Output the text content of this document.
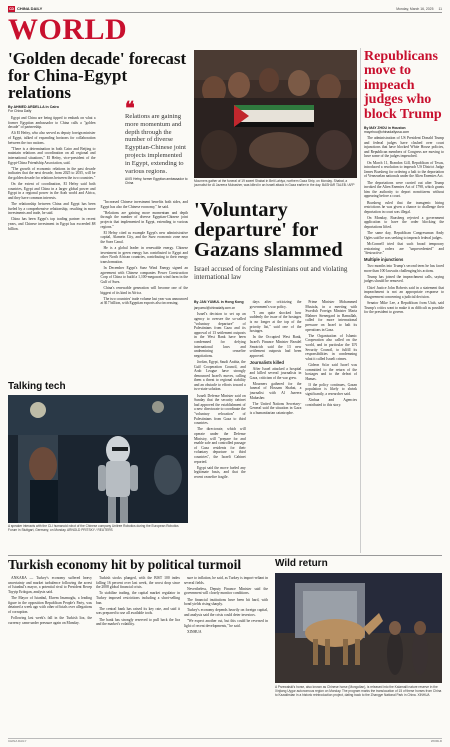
CD CHINA DAILY	Monday, March 16, 2025 11
WORLD
'Golden decade' forecast for China-Egypt relations
By AHMED ARDELLA in Cairo
For China Daily

Egypt and China are being tipped to embark on what a former Egyptian ambassador to China calls a "golden decade" of partnership.

Ali El Hefny, who also served as deputy foreign minister of Egypt, talked of expanding horizons for collaboration between the two nations.

"There is a determination in both Cairo and Beijing to maintain relations and coordination on all regional and international situations," El Hefny, vice-president of the Egypt-China Friendship Association, said.

"The growth of economic relations in the past decade indicates that the next decade, from 2025 to 2035, will be the golden decade for relations between the two countries."

On the extent of coordination, El Hefny said both countries, Egypt and China in a larger global power and Egypt in a regional power in the Arab world and Africa, and they have common interests.

The relationship between China and Egypt has been fueled by a comprehensive relationship, resulting in more investments and trade, he said.

China has been Egypt's top trading partner in recent years, and Chinese investment in Egypt has exceeded $8 billion.

"Increased Chinese investment benefits both sides, and Egypt has also the Chinese economy," he said.

"Relations are gaining more momentum and depth through the number of diverse Egyptian-Chinese joint projects that implemented in Egypt, extending to various regions."

El Hefny cited as example Egypt's new administrative capital, Alamein City, and the Suez economic zone near the Suez Canal.

He is a global leader in renewable energy. Chinese investment in green energy has contributed to Egypt and other North African countries, contributing to their energy transformation.

In December Egypt's Suez Wind Energy signed an agreement with Chinese companies Power Construction Corp of China to build a 1,100-megawatt wind farm in the Gulf of Suez.

China's renewable generation will become one of the biggest of its kind in Africa.

The two countries' trade volume last year was announced at $17 billion, with Egyptian exports also increasing.

❝
Relations are gaining more momentum and depth through the number of diverse Egyptian-Chinese joint projects implemented in Egypt, extending to various regions.
Ali El Hefny, former Egyptian ambassador to China
Talking tech
A speaker interacts with the CLI humanoid robot of the Chinese company Unitree Robotics during the European Robotics Forum in Stuttgart, Germany, on Monday. ARNOLD PRITSKY / REUTERS
Mourners gather at the funeral of 19 sweet Shabai in Beit Lahiya, northern Gaza Strip, on Monday. Shabat, a journalist for Al Jazeera Mubasher, was killed in an Israeli attack in Gaza earlier in the day. BASHAR TALEB / AFP
'Voluntary departure' for Gazans slammed
Israel accused of forcing Palestinians out and violating international law

By JAN YUMUL in Hong Kong

janyumul@chinadaily.com.cn

Israel's decision to set up an agency to oversee the so-called "voluntary departure" of Palestinians from Gaza and its approval of 13 settlement outposts in the West Bank have been condemned for defying international laws and undermining ceasefire negotiations.

Jordan, Egypt, Saudi Arabia, the Gulf Cooperation Council, and Arab League have strongly denounced Israel's moves, calling them a threat to regional stability and an obstacle to efforts toward a two-state solution.

Israeli Defense Minister said on Sunday that the security cabinet had approved the establishment of a new directorate to coordinate the "voluntary relocation" of Palestinians from Gaza to third countries.

The directorate, which will operate under the Defense Ministry, will "prepare for and enable safe and controlled passage of Gaza residents for their voluntary departure to third countries", the Israeli Cabinet reported.

Egypt said the move fueled any legitimate basis, and that the recent ceasefire fragile.

days after criticizing the government's war policy.

"I am quite shocked how suddenly the issue of the hostages is no longer at the top of the priority list," said one of the hostages.

In the Occupied West Bank, Israel's Finance Minister Bezalel Smotrich said the 13 new settlement outposts had been approved.

Journalists killed

After Israel attacked a hospital and killed several journalists in Gaza, criticism of the war grew.

Mourners gathered for the funeral of Hossam Shabat, a journalist with Al Jazeera Mubasher.

The United Nations Secretary-General said the situation in Gaza is a humanitarian catastrophe.

Prime Minister Mohammed Mustafa, in a meeting with Swedish Foreign Minister Maria Malmer Stenergard in Ramallah, called for more international pressure on Israel to halt its operations in Gaza.

The Organisation of Islamic Cooperation also called on the world, and in particular the UN Security Council, to fulfill its responsibilities in condemning what it called Israeli crimes.

Gideon Sa'ar said Israel was committed to the return of the hostages and to the defeat of Hamas.

If the policy continues, Gazan population is likely to shrink significantly, a researcher said.

Xinhua and Agencies contributed to this story.

Republicans move to impeach judges who block Trump
By MAY ZHOU in Houston
mayzhou@chinadailyusa.com

The administration of US President Donald Trump and federal judges have clashed over court injunctions that have blocked White House policies, and Republican members of Congress are moving to have some of the judges impeached.

On March 11, Brandon Gill, Republican of Texas, introduced a resolution to impeach US District Judge James Boasberg for ordering a halt to the deportation of Venezuelan nationals under the Alien Enemies Act.

The deportations were carried out after Trump invoked the Alien Enemies Act of 1798, which grants him the authority to deport noncitizens without appearing before a court.

Boasberg ruled that the transgenic hiring restrictions he was given a chance to challenge their deportation in court was illegal.

On Monday, Boasberg rejected a government application to have the order blocking the deportations lifted.

The same day, Republican Congressman Andy Ogles said he was seeking to impeach federal judges.

McConnell tried that such broad temporary restraining orders are "unprecedented" and "destructive."

Multiple injunctions

Two months into Trump's second term he has faced more than 100 lawsuits challenging his actions.

Trump has joined the impeachment calls, saying judges should be removed.

Chief Justice John Roberts said in a statement that impeachment is not an appropriate response to disagreement concerning a judicial decision.

Senator Mike Lee, a Republican from Utah, said Trump's critics want to make it as difficult as possible for the president to govern.

Turkish economy hit by political turmoil

ANKARA — Turkey's economy suffered heavy uncertainty and market turbulence following the arrest of Istanbul's mayor, a potential rival to President Recep Tayyip Erdogan, analysts said.

The Mayor of Istanbul, Ekrem Imamoglu, a leading figure in the opposition Republican People's Party, was detained a week ago with other officials over allegations of corruption.

Following last week's fall in the Turkish lira, the currency came under pressure again on Monday.

Turkish stocks plunged, with the BIST 100 index falling 16 percent over last week, the worst drop since the 2008 global financial crisis.

To stabilize trading, the capital market regulator in Turkey imposed restrictions including a short-selling ban.

The central bank has raised its key rate, and said it was prepared to use all available tools.

The bank has strongly reserved to pull back the lira and the market's volatility.

sure to inflation, he said, as Turkey is import-reliant in several fields.

Nevertheless, Deputy Finance Minister said the government will closely monitor conditions.

The financial institutions have been hit hard, with bond yields rising sharply.

Turkey's economy depends heavily on foreign capital, and analysts said the crisis could deter investors.

"We expect another cut, but this could be reversed in light of recent developments," he said.

XINHUA

Wild return
A Przewalski's horse, also known as Chinese horse (Mongolian), is released into the Kalamaili nature reserve in the Xinjiang Uygur autonomous region on Monday. The program marks the translocation of 15 of these horses from China to Kazakhstan in a historic reintroduction project, dating back to the Zhangye National Park in China. XINHUA
CHINA DAILY	WORLD
